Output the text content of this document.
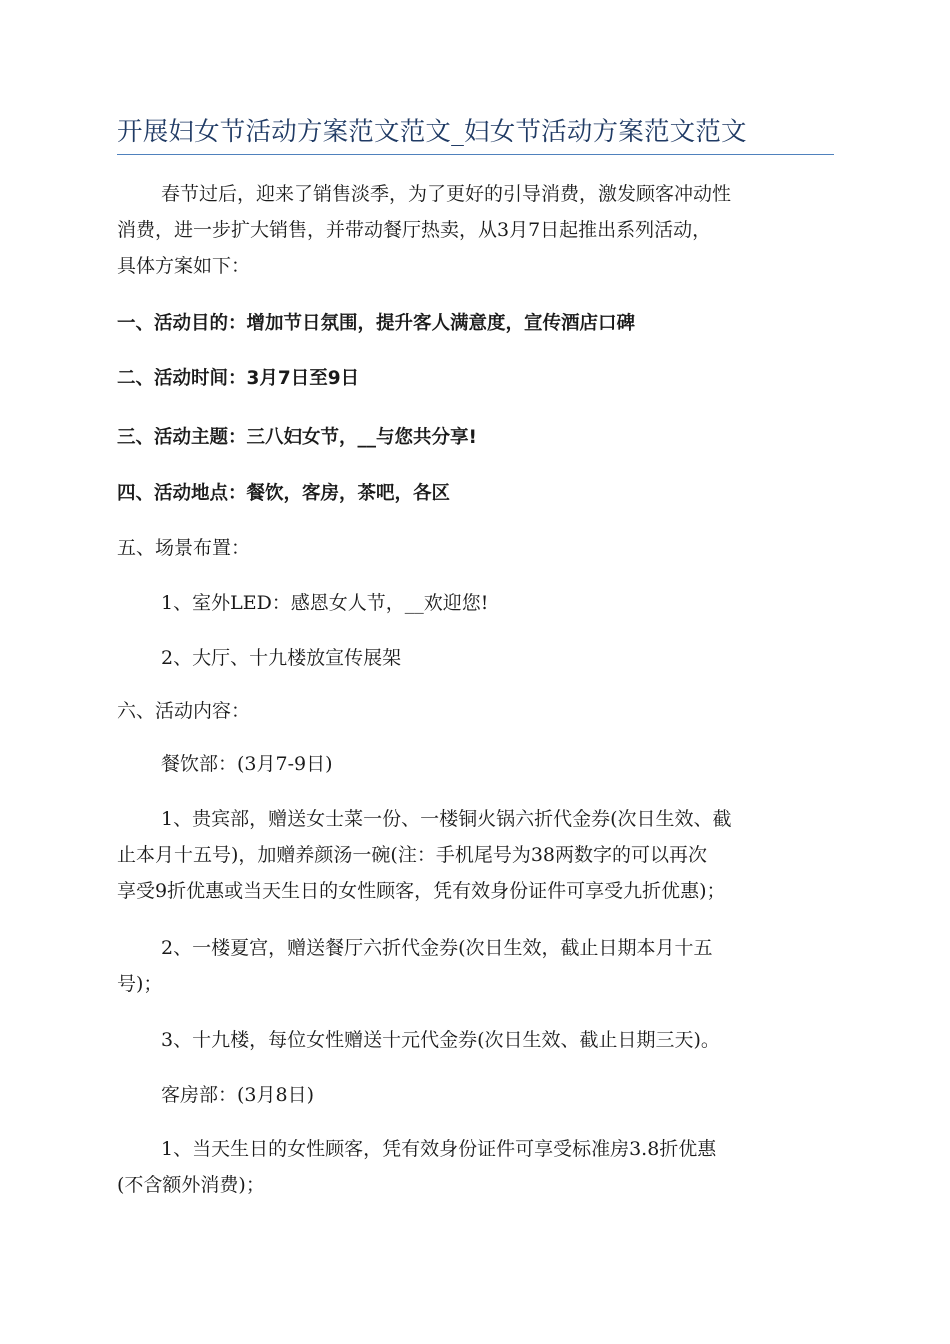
开展妇女节活动方案范文范文_妇女节活动方案范文范文
春节过后，迎来了销售淡季，为了更好的引导消费，激发顾客冲动性
消费，进一步扩大销售，并带动餐厅热卖，从3月7日起推出系列活动，
具体方案如下：
一、活动目的：增加节日氛围，提升客人满意度，宣传酒店口碑
二、活动时间：3月7日至9日
三、活动主题：三八妇女节，__与您共分享!
四、活动地点：餐饮，客房，茶吧，各区
五、场景布置：
1、室外LED：感恩女人节，__欢迎您!
2、大厅、十九楼放宣传展架
六、活动内容：
餐饮部：(3月7-9日)
1、贵宾部，赠送女士菜一份、一楼铜火锅六折代金券(次日生效、截
止本月十五号)，加赠养颜汤一碗(注：手机尾号为38两数字的可以再次
享受9折优惠或当天生日的女性顾客，凭有效身份证件可享受九折优惠)；
2、一楼夏宫，赠送餐厅六折代金券(次日生效，截止日期本月十五
号)；
3、十九楼，每位女性赠送十元代金券(次日生效、截止日期三天)。
客房部：(3月8日)
1、当天生日的女性顾客，凭有效身份证件可享受标准房3.8折优惠
(不含额外消费)；
